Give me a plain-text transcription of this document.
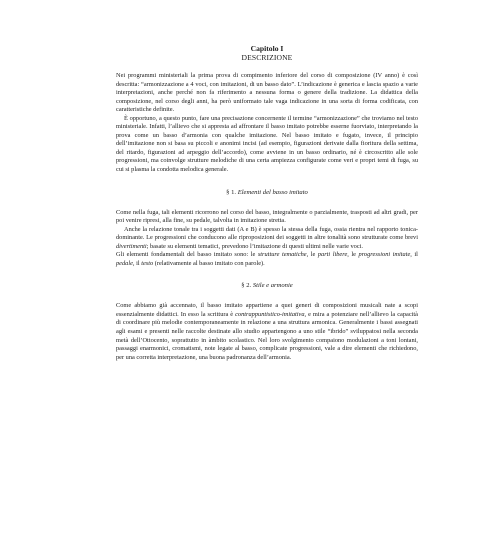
Capitolo I
DESCRIZIONE

Nei programmi ministeriali la prima prova di compimento inferiore del corso di composizione (IV anno) è così descritta: “armonizzazione a 4 voci, con imitazioni, di un basso dato”. L’indicazione è generica e lascia spazio a varie interpretazioni, anche perché non fa riferimento a nessuna forma o genere della tradizione. La didattica della composizione, nel corso degli anni, ha però uniformato tale vaga indicazione in una sorta di forma codificata, con caratteristiche definite.

È opportuno, a questo punto, fare una precisazione concernente il termine “armonizzazione” che troviamo nel testo ministeriale. Infatti, l’allievo che si appresta ad affrontare il basso imitato potrebbe esserne fuorviato, interpretando la prova come un basso d’armonia con qualche imitazione. Nel basso imitato e fugato, invece, il principio dell’imitazione non si basa su piccoli e anonimi incisi (ad esempio, figurazioni derivate dalla fioritura della settima, del ritardo, figurazioni ad arpeggio dell’accordo), come avviene in un basso ordinario, né è circoscritto alle sole progressioni, ma coinvolge strutture melodiche di una certa ampiezza configurate come veri e propri temi di fuga, su cui si plasma la condotta melodica generale.

§ 1. Elementi del basso imitato

Come nella fuga, tali elementi ricorrono nel corso del basso, integralmente o parzialmente, trasposti ad altri gradi, per poi venire ripresi, alla fine, su pedale, talvolta in imitazione stretta.

Anche la relazione tonale tra i soggetti dati (A e B) è spesso la stessa della fuga, ossia rientra nel rapporto tonica-dominante. Le progressioni che conducono alle riproposizioni dei soggetti in altre tonalità sono strutturate come brevi divertimenti; basate su elementi tematici, prevedono l’imitazione di questi ultimi nelle varie voci.

Gli elementi fondamentali del basso imitato sono: le strutture tematiche, le parti libere, le progressioni imitate, il pedale, il testo (relativamente al basso imitato con parole).

§ 2. Stile e armonie

Come abbiamo già accennato, il basso imitato appartiene a quei generi di composizioni musicali nate a scopi essenzialmente didattici. In esso la scrittura è contrappuntistico-imitativa, e mira a potenziare nell’allievo la capacità di coordinare più melodie contemporaneamente in relazione a una struttura armonica. Generalmente i bassi assegnati agli esami e presenti nelle raccolte destinate allo studio appartengono a uno stile “ibrido” sviluppatosi nella seconda metà dell’Ottocento, soprattutto in àmbito scolastico. Nel loro svolgimento compaiono modulazioni a toni lontani, passaggi enarmonici, cromatismi, note legate al basso, complicate progressioni, vale a dire elementi che richiedono, per una corretta interpretazione, una buona padronanza dell’armonia.
